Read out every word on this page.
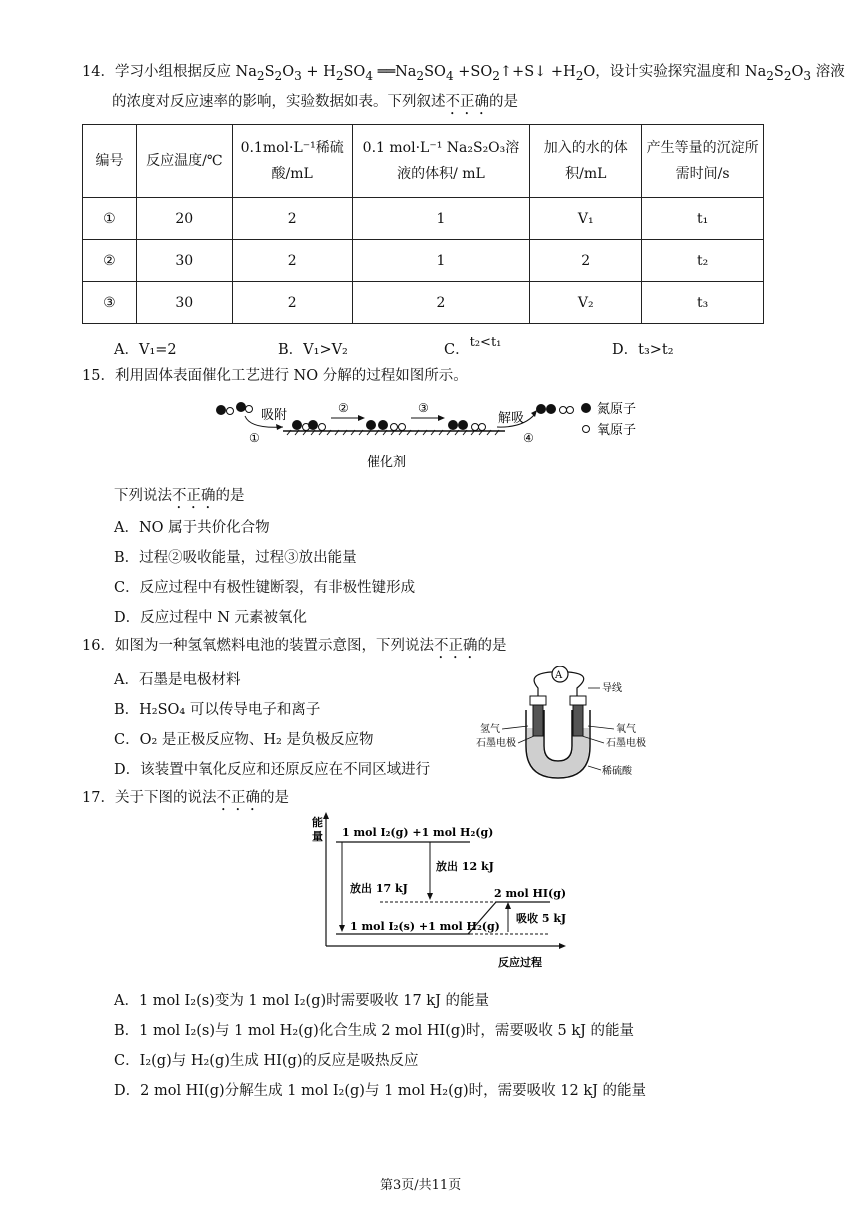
14．学习小组根据反应 $Na_2S_2O_3 + H_2SO_4$ $══Na_2SO_4$ $+SO_2↑+S↓ +H_2O$，设计实验探究温度和 $Na_2S_2O_3$ 溶液
的浓度对反应速率的影响，实验数据如表。下列叙述不正确的是
编号	反应温度/℃	0.1mol·L⁻¹稀硫酸/mL	0.1 mol·L⁻¹ Na₂S₂O₃溶液的体积/ mL	加入的水的体积/mL	产生等量的沉淀所需时间/s
①	20	2	1	V₁	t₁
②	30	2	1	2	t₂
③	30	2	2	V₂	t₃
A．V₁=2	B．V₁>V₂	C．t₂<t₁	D．t₃>t₂
15．利用固体表面催化工艺进行 NO 分解的过程如图所示。
吸附
①
②	③
解吸
④
氮原子
氧原子
催化剂
下列说法不正确的是
A．NO 属于共价化合物
B．过程②吸收能量，过程③放出能量
C．反应过程中有极性键断裂，有非极性键形成
D．反应过程中 N 元素被氧化
16．如图为一种氢氧燃料电池的装置示意图，下列说法不正确的是
A．石墨是电极材料
B．H₂SO₄ 可以传导电子和离子
C．O₂ 是正极反应物、H₂ 是负极反应物
D．该装置中氧化反应和还原反应在不同区域进行
A
导线
氢气
石墨电极
氧气
石墨电极
稀硫酸
17．关于下图的说法不正确的是
能
量
反应过程
1 mol I₂(g) +1 mol H₂(g)
放出 17 kJ
放出 12 kJ
2 mol HI(g)
1 mol I₂(s) +1 mol H₂(g)
吸收 5 kJ
A．1 mol I₂(s)变为 1 mol I₂(g)时需要吸收 17 kJ 的能量
B．1 mol I₂(s)与 1 mol H₂(g)化合生成 2 mol HI(g)时，需要吸收 5 kJ 的能量
C．I₂(g)与 H₂(g)生成 HI(g)的反应是吸热反应
D．2 mol HI(g)分解生成 1 mol I₂(g)与 1 mol H₂(g)时，需要吸收 12 kJ 的能量
第3页/共11页
